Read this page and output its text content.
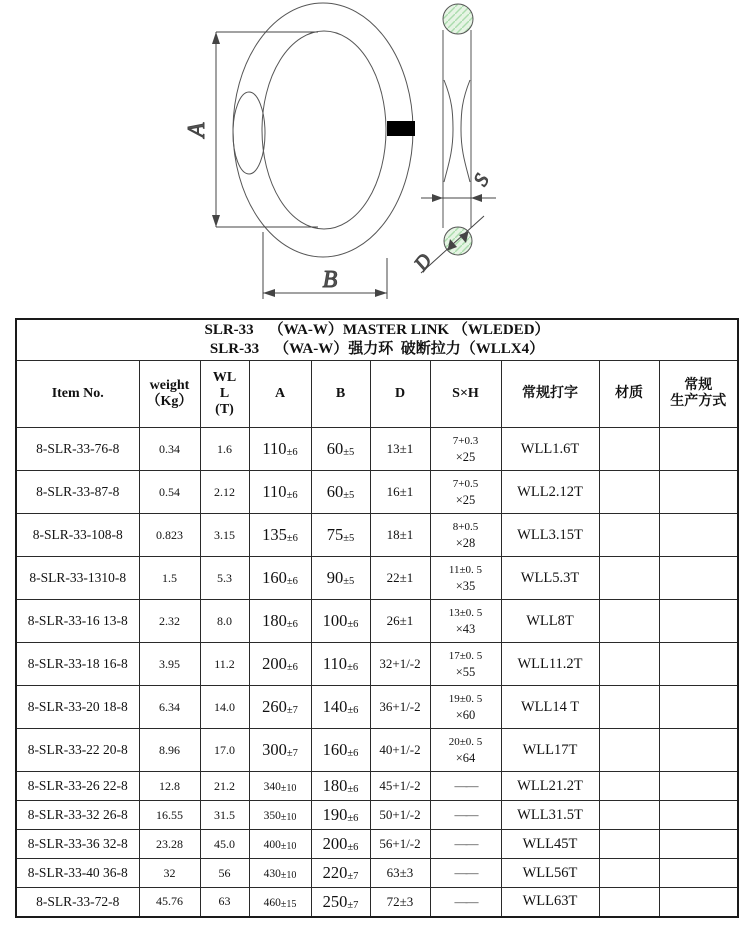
A
B
S
D
SLR-33    （WA-W）MASTER LINK （WLEDED）
SLR-33    （WA-W）强力环  破断拉力（WLLX4）									

Item No.

weight
（Kg）

WL
L
(T)

A	B	D	S×H	常规打字	材质

常规
生产方式

8-SLR-33-76-8	0.34	1.6	110±6	60±5	13±1	7+0.3
×25	WLL1.6T		
8-SLR-33-87-8	0.54	2.12	110±6	60±5	16±1	7+0.5
×25	WLL2.12T		
8-SLR-33-108-8	0.823	3.15	135±6	75±5	18±1	8+0.5
×28	WLL3.15T		
8-SLR-33-1310-8	1.5	5.3	160±6	90±5	22±1	11±0. 5
×35	WLL5.3T		
8-SLR-33-16 13-8	2.32	8.0	180±6	100±6	26±1	13±0. 5
×43	WLL8T		
8-SLR-33-18 16-8	3.95	11.2	200±6	110±6	32+1/-2	17±0. 5
×55	WLL11.2T		
8-SLR-33-20 18-8	6.34	14.0	260±7	140±6	36+1/-2	19±0. 5
×60	WLL14 T		
8-SLR-33-22 20-8	8.96	17.0	300±7	160±6	40+1/-2	20±0. 5
×64	WLL17T		
8-SLR-33-26 22-8	12.8	21.2	340±10	180±6	45+1/-2	——	WLL21.2T		
8-SLR-33-32 26-8	16.55	31.5	350±10	190±6	50+1/-2	——	WLL31.5T		
8-SLR-33-36 32-8	23.28	45.0	400±10	200±6	56+1/-2	——	WLL45T		
8-SLR-33-40 36-8	32	56	430±10	220±7	63±3	——	WLL56T		
8-SLR-33-72-8	45.76	63	460±15	250±7	72±3	——	WLL63T		
